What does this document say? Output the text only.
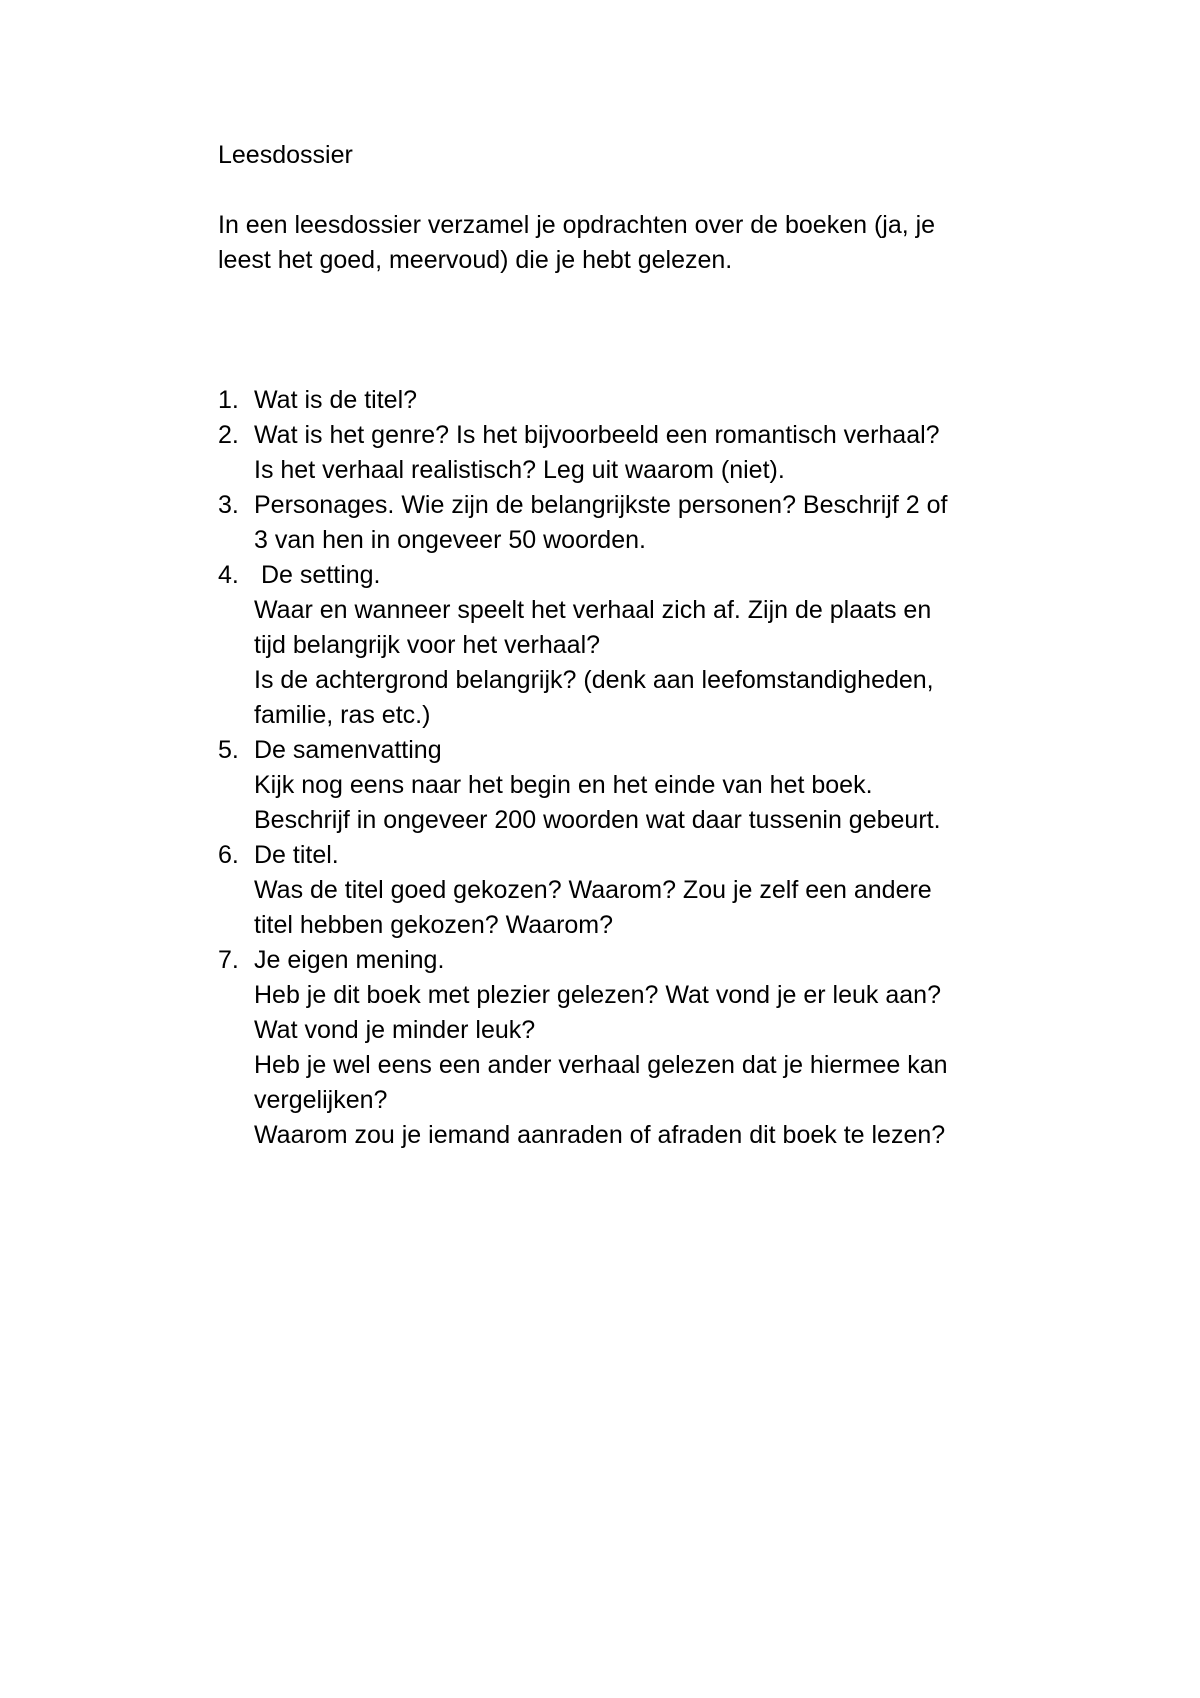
Leesdossier

In een leesdossier verzamel je opdrachten over de boeken (ja, je
leest het goed, meervoud) die je hebt gelezen.

1. Wat is de titel?
2. Wat is het genre? Is het bijvoorbeeld een romantisch verhaal?
Is het verhaal realistisch? Leg uit waarom (niet).
3. Personages. Wie zijn de belangrijkste personen? Beschrijf 2 of
3 van hen in ongeveer 50 woorden.
4. De setting.
Waar en wanneer speelt het verhaal zich af. Zijn de plaats en
tijd belangrijk voor het verhaal?
Is de achtergrond belangrijk? (denk aan leefomstandigheden,
familie, ras etc.)
5. De samenvatting
Kijk nog eens naar het begin en het einde van het boek.
Beschrijf in ongeveer 200 woorden wat daar tussenin gebeurt.
6. De titel.
Was de titel goed gekozen? Waarom? Zou je zelf een andere
titel hebben gekozen? Waarom?
7. Je eigen mening.
Heb je dit boek met plezier gelezen? Wat vond je er leuk aan?
Wat vond je minder leuk?
Heb je wel eens een ander verhaal gelezen dat je hiermee kan
vergelijken?
Waarom zou je iemand aanraden of afraden dit boek te lezen?
